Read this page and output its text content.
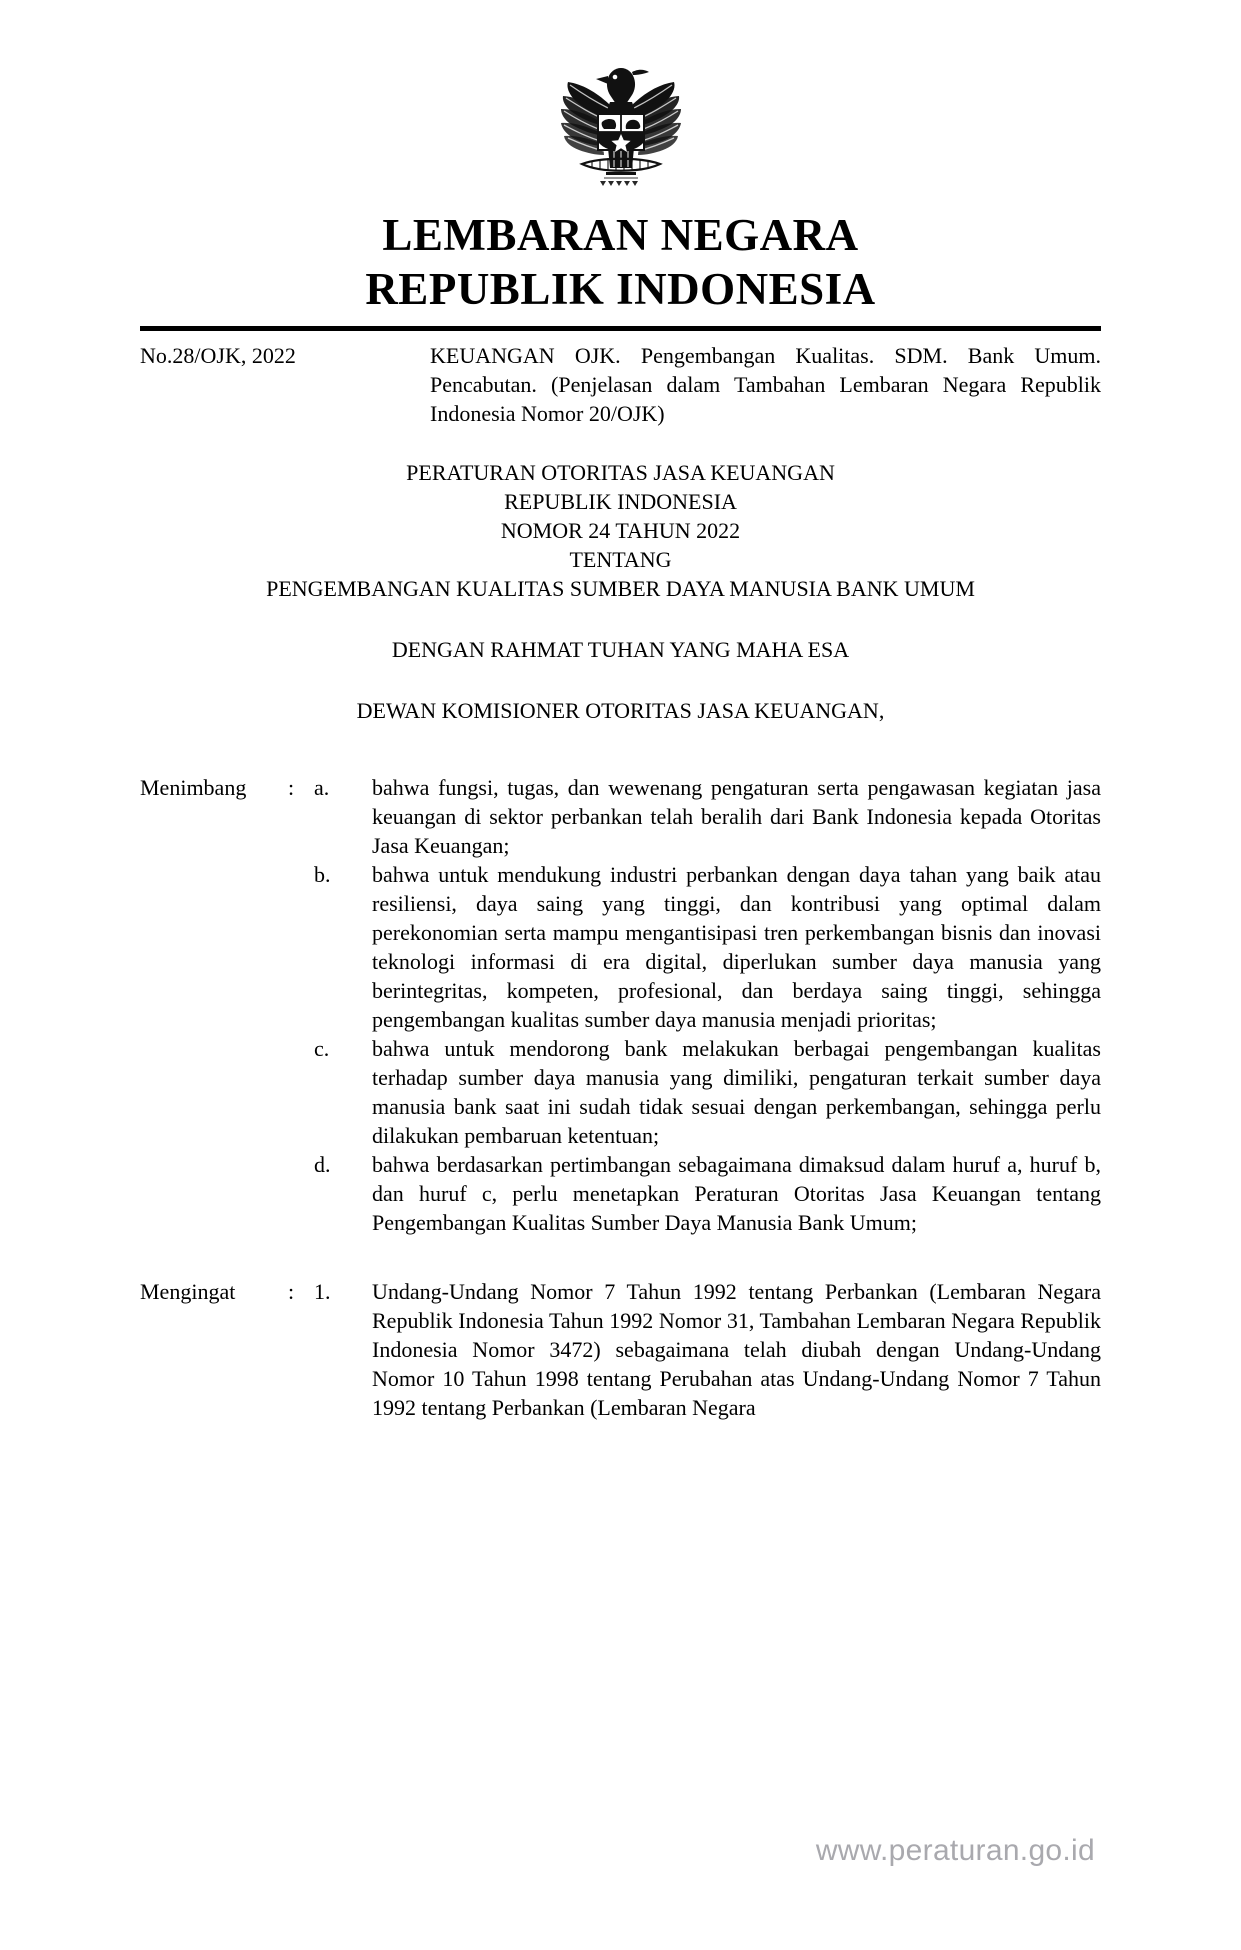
LEMBARAN NEGARA
REPUBLIK INDONESIA
No.28/OJK, 2022	KEUANGAN OJK. Pengembangan Kualitas. SDM. Bank Umum. Pencabutan. (Penjelasan dalam Tambahan Lembaran Negara Republik Indonesia Nomor 20/OJK)
PERATURAN OTORITAS JASA KEUANGAN
REPUBLIK INDONESIA
NOMOR 24 TAHUN 2022
TENTANG
PENGEMBANGAN KUALITAS SUMBER DAYA MANUSIA BANK UMUM
DENGAN RAHMAT TUHAN YANG MAHA ESA
DEWAN KOMISIONER OTORITAS JASA KEUANGAN,
Menimbang	: a.	bahwa fungsi, tugas, dan wewenang pengaturan serta pengawasan kegiatan jasa keuangan di sektor perbankan telah beralih dari Bank Indonesia kepada Otoritas Jasa Keuangan;
b.	bahwa untuk mendukung industri perbankan dengan daya tahan yang baik atau resiliensi, daya saing yang tinggi, dan kontribusi yang optimal dalam perekonomian serta mampu mengantisipasi tren perkembangan bisnis dan inovasi teknologi informasi di era digital, diperlukan sumber daya manusia yang berintegritas, kompeten, profesional, dan berdaya saing tinggi, sehingga pengembangan kualitas sumber daya manusia menjadi prioritas;
c.	bahwa untuk mendorong bank melakukan berbagai pengembangan kualitas terhadap sumber daya manusia yang dimiliki, pengaturan terkait sumber daya manusia bank saat ini sudah tidak sesuai dengan perkembangan, sehingga perlu dilakukan pembaruan ketentuan;
d.	bahwa berdasarkan pertimbangan sebagaimana dimaksud dalam huruf a, huruf b, dan huruf c, perlu menetapkan Peraturan Otoritas Jasa Keuangan tentang Pengembangan Kualitas Sumber Daya Manusia Bank Umum;
Mengingat	: 1.	Undang-Undang Nomor 7 Tahun 1992 tentang Perbankan (Lembaran Negara Republik Indonesia Tahun 1992 Nomor 31, Tambahan Lembaran Negara Republik Indonesia Nomor 3472) sebagaimana telah diubah dengan Undang-Undang Nomor 10 Tahun 1998 tentang Perubahan atas Undang-Undang Nomor 7 Tahun 1992 tentang Perbankan (Lembaran Negara
www.peraturan.go.id
